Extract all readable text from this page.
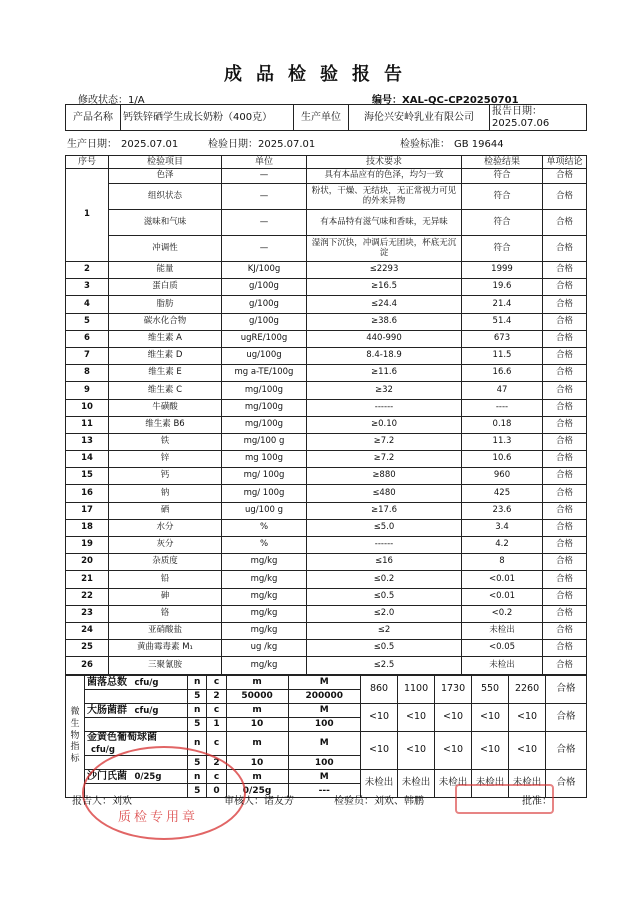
成品检验报告
修改状态：1/A	编号：XAL-QC-CP20250701
产品名称	钙铁锌硒学生成长奶粉（400克）	生产单位	海伦兴安岭乳业有限公司	报告日期：2025.07.06
生产日期： 2025.07.01	检验日期：2025.07.01	检验标准： GB 19644
序号	检验项目	单位	技术要求	检验结果	单项结论
1	色泽	—	具有本品应有的色泽，均匀一致	符合	合格
	组织状态	—	粉状，干燥、无结块，无正常视力可见的外来异物	符合	合格
	滋味和气味	—	有本品特有滋气味和香味，无异味	符合	合格
	冲调性	—	湿润下沉快，冲调后无团块，杯底无沉淀	符合	合格
2	能量	KJ/100g	≤2293	1999	合格
3	蛋白质	g/100g	≥16.5	19.6	合格
4	脂肪	g/100g	≤24.4	21.4	合格
5	碳水化合物	g/100g	≥38.6	51.4	合格
6	维生素 A	ugRE/100g	440-990	673	合格
7	维生素 D	ug/100g	8.4-18.9	11.5	合格
8	维生素 E	mg a-TE/100g	≥11.6	16.6	合格
9	维生素 C	mg/100g	≥32	47	合格
10	牛磺酸	mg/100g	------	----	合格
11	维生素 B6	mg/100g	≥0.10	0.18	合格
13	铁	mg/100 g	≥7.2	11.3	合格
14	锌	mg 100g	≥7.2	10.6	合格
15	钙	mg/ 100g	≥880	960	合格
16	钠	mg/ 100g	≤480	425	合格
17	硒	ug/100 g	≥17.6	23.6	合格
18	水分	%	≤5.0	3.4	合格
19	灰分	%	------	4.2	合格
20	杂质度	mg/kg	≤16	8	合格
21	铅	mg/kg	≤0.2	<0.01	合格
22	砷	mg/kg	≤0.5	<0.01	合格
23	铬	mg/kg	≤2.0	<0.2	合格
24	亚硝酸盐	mg/kg	≤2	未检出	合格
25	黄曲霉毒素 M₁	ug /kg	≤0.5	<0.05	合格
26	三聚氰胺	mg/kg	≤2.5	未检出	合格
微生物指标	菌落总数 cfu/g	n	c	m	M	860	1100	1730	550	2260	合格
		5	2	50000	200000						
	大肠菌群 cfu/g	n	c	m	M	<10	<10	<10	<10	<10	合格
		5	1	10	100						
	金黄色葡萄球菌 cfu/g	n	c	m	M	<10	<10	<10	<10	<10	合格
		5	2	10	100						
	沙门氏菌 0/25g	n	c	m	M	未检出	未检出	未检出	未检出	未检出	合格
		5	0	0/25g	---						
质检专用章
报告人：刘欢	审核人：诸友芳	检验员：刘欢、韩鹏	批准：
